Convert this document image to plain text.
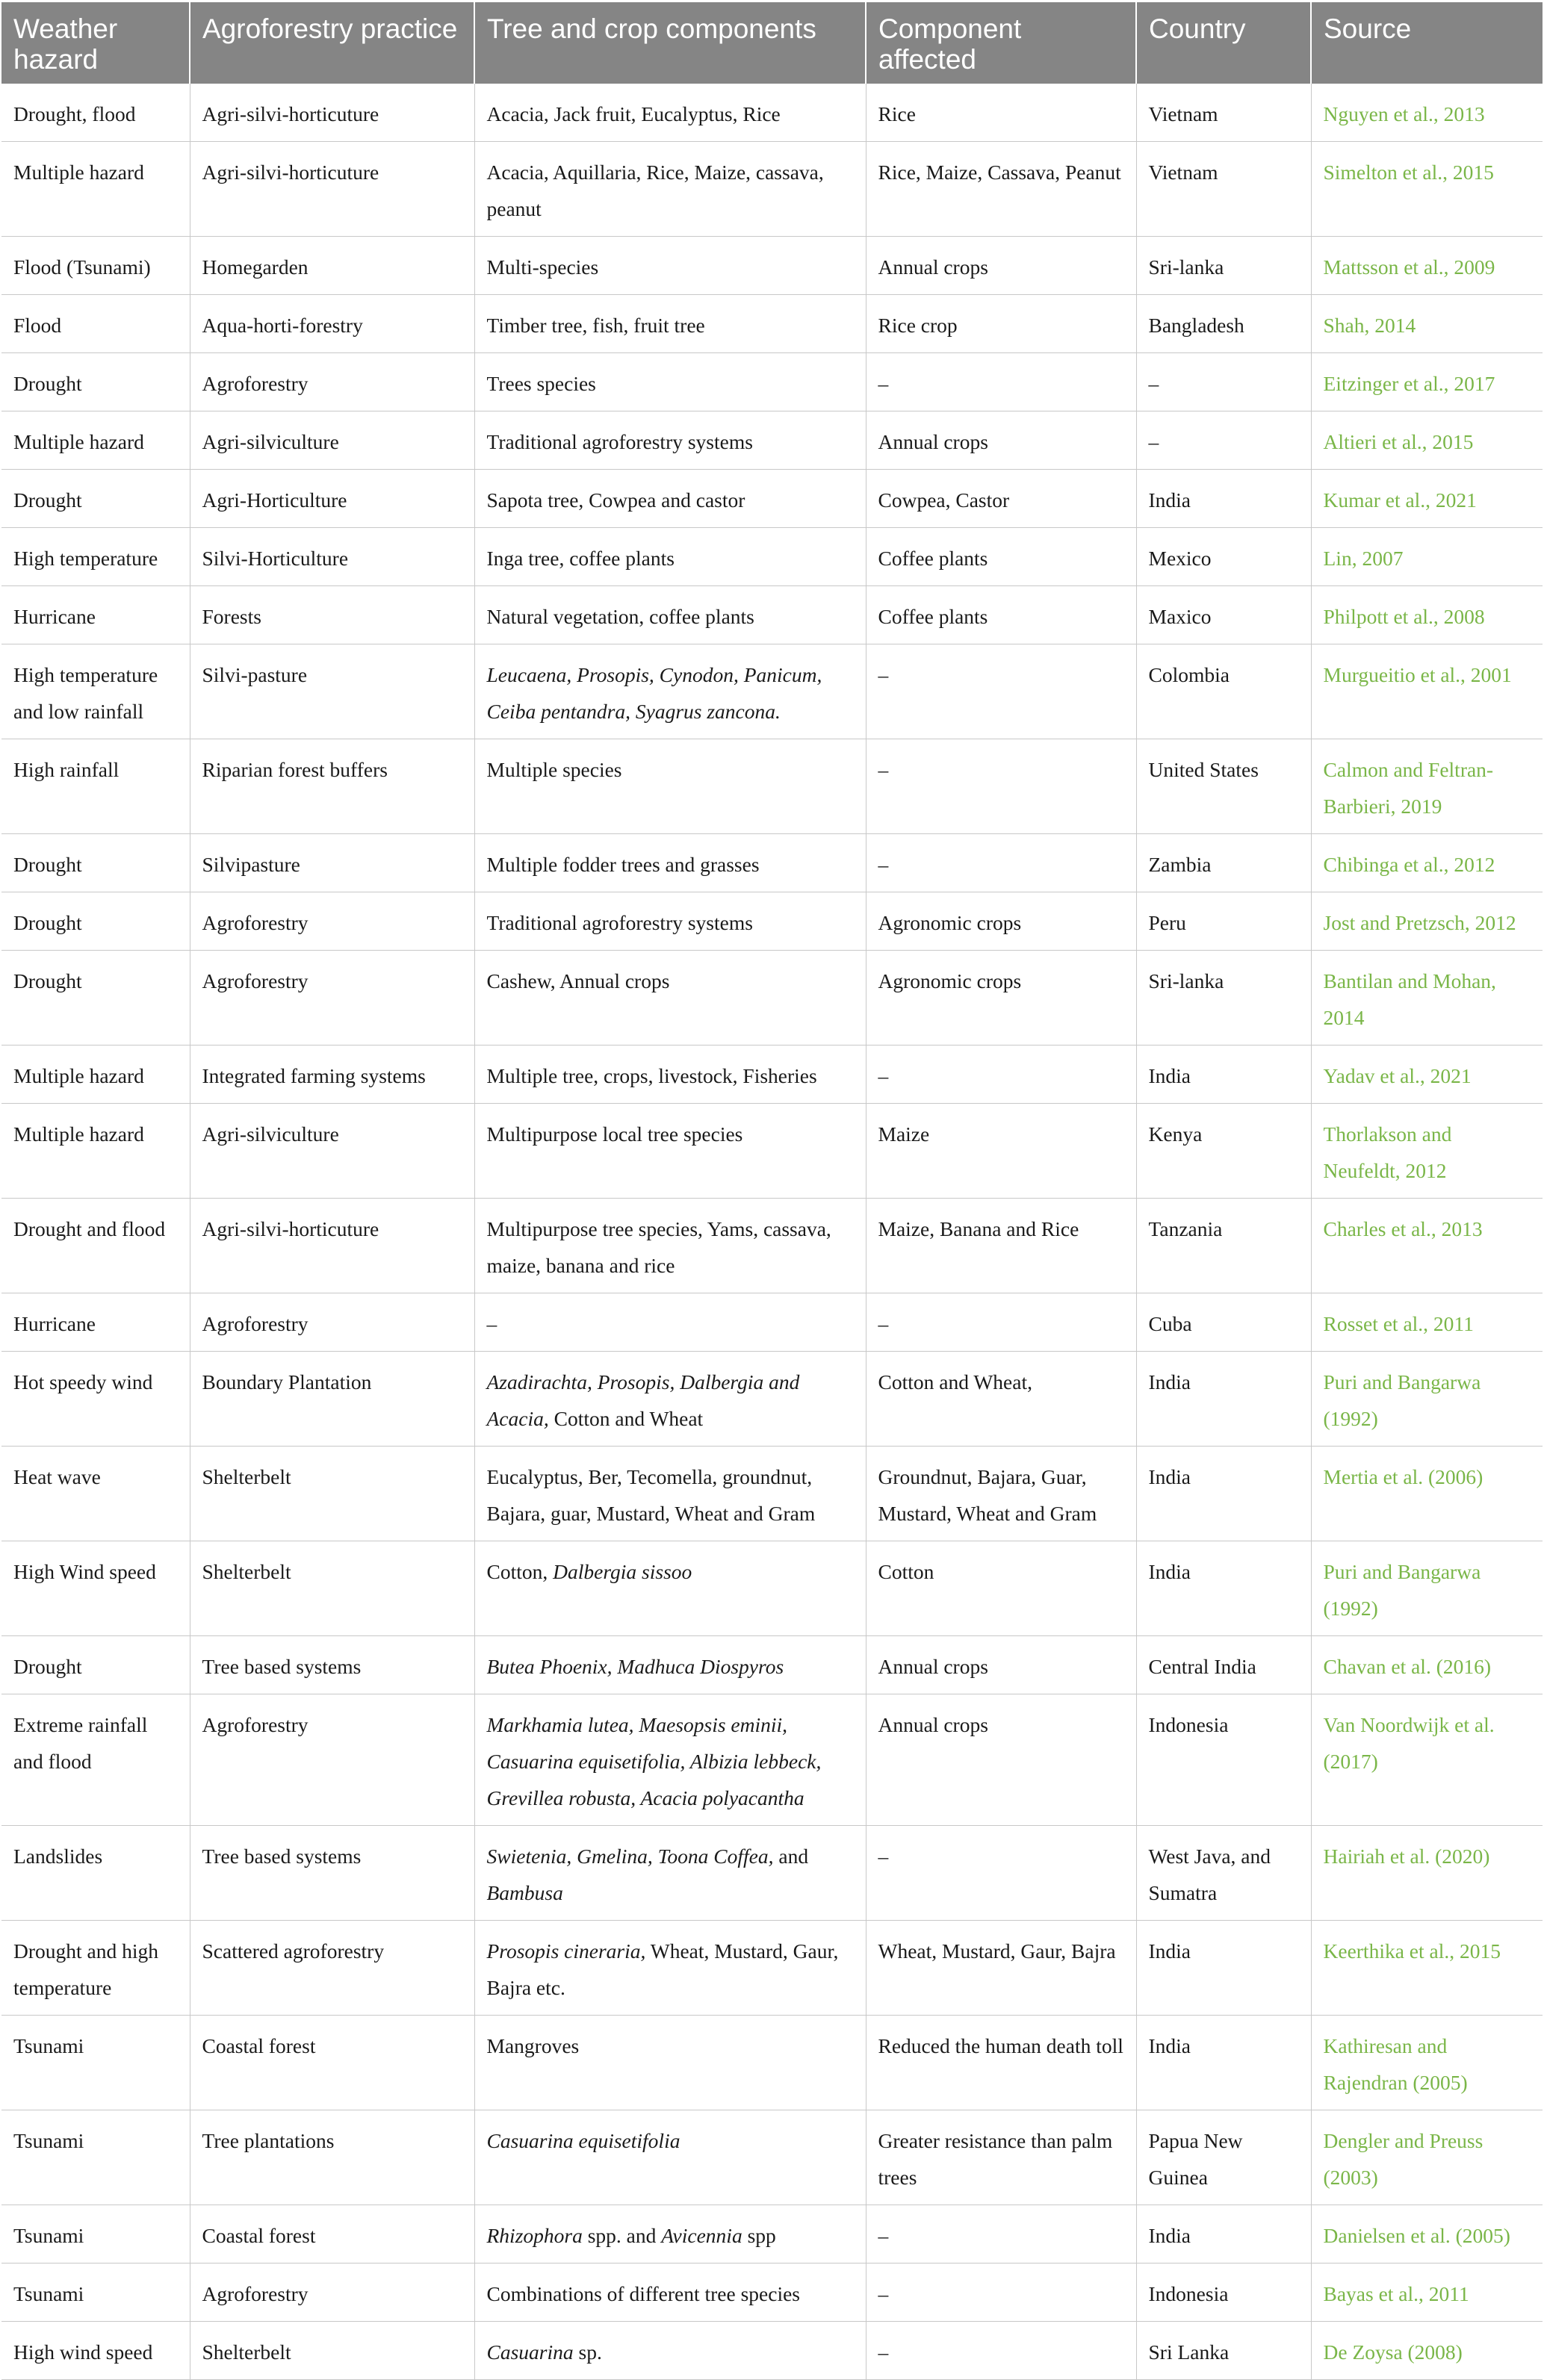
Weather hazard	Agroforestry practice	Tree and crop components	Component affected	Country	Source
Drought, flood	Agri-silvi-horticuture	Acacia, Jack fruit, Eucalyptus, Rice	Rice	Vietnam	Nguyen et al., 2013
Multiple hazard	Agri-silvi-horticuture	Acacia, Aquillaria, Rice, Maize, cassava, peanut	Rice, Maize, Cassava, Peanut	Vietnam	Simelton et al., 2015
Flood (Tsunami)	Homegarden	Multi-species	Annual crops	Sri-lanka	Mattsson et al., 2009
Flood	Aqua-horti-forestry	Timber tree, fish, fruit tree	Rice crop	Bangladesh	Shah, 2014
Drought	Agroforestry	Trees species	–	–	Eitzinger et al., 2017
Multiple hazard	Agri-silviculture	Traditional agroforestry systems	Annual crops	–	Altieri et al., 2015
Drought	Agri-Horticulture	Sapota tree, Cowpea and castor	Cowpea, Castor	India	Kumar et al., 2021
High temperature	Silvi-Horticulture	Inga tree, coffee plants	Coffee plants	Mexico	Lin, 2007
Hurricane	Forests	Natural vegetation, coffee plants	Coffee plants	Maxico	Philpott et al., 2008
High temperature and low rainfall	Silvi-pasture	Leucaena, Prosopis, Cynodon, Panicum, Ceiba pentandra, Syagrus zancona.	–	Colombia	Murgueitio et al., 2001
High rainfall	Riparian forest buffers	Multiple species	–	United States	Calmon and Feltran-Barbieri, 2019
Drought	Silvipasture	Multiple fodder trees and grasses	–	Zambia	Chibinga et al., 2012
Drought	Agroforestry	Traditional agroforestry systems	Agronomic crops	Peru	Jost and Pretzsch, 2012
Drought	Agroforestry	Cashew, Annual crops	Agronomic crops	Sri-lanka	Bantilan and Mohan, 2014
Multiple hazard	Integrated farming systems	Multiple tree, crops, livestock, Fisheries	–	India	Yadav et al., 2021
Multiple hazard	Agri-silviculture	Multipurpose local tree species	Maize	Kenya	Thorlakson and Neufeldt, 2012
Drought and flood	Agri-silvi-horticuture	Multipurpose tree species, Yams, cassava, maize, banana and rice	Maize, Banana and Rice	Tanzania	Charles et al., 2013
Hurricane	Agroforestry	–	–	Cuba	Rosset et al., 2011
Hot speedy wind	Boundary Plantation	Azadirachta, Prosopis, Dalbergia and Acacia, Cotton and Wheat	Cotton and Wheat,	India	Puri and Bangarwa (1992)
Heat wave	Shelterbelt	Eucalyptus, Ber, Tecomella, groundnut, Bajara, guar, Mustard, Wheat and Gram	Groundnut, Bajara, Guar, Mustard, Wheat and Gram	India	Mertia et al. (2006)
High Wind speed	Shelterbelt	Cotton, Dalbergia sissoo	Cotton	India	Puri and Bangarwa (1992)
Drought	Tree based systems	Butea Phoenix, Madhuca Diospyros	Annual crops	Central India	Chavan et al. (2016)
Extreme rainfall and flood	Agroforestry	Markhamia lutea, Maesopsis eminii, Casuarina equisetifolia, Albizia lebbeck, Grevillea robusta, Acacia polyacantha	Annual crops	Indonesia	Van Noordwijk et al. (2017)
Landslides	Tree based systems	Swietenia, Gmelina, Toona Coffea, and Bambusa	–	West Java, and Sumatra	Hairiah et al. (2020)
Drought and high temperature	Scattered agroforestry	Prosopis cineraria, Wheat, Mustard, Gaur, Bajra etc.	Wheat, Mustard, Gaur, Bajra	India	Keerthika et al., 2015
Tsunami	Coastal forest	Mangroves	Reduced the human death toll	India	Kathiresan and Rajendran (2005)
Tsunami	Tree plantations	Casuarina equisetifolia	Greater resistance than palm trees	Papua New Guinea	Dengler and Preuss (2003)
Tsunami	Coastal forest	Rhizophora spp. and Avicennia spp	–	India	Danielsen et al. (2005)
Tsunami	Agroforestry	Combinations of different tree species	–	Indonesia	Bayas et al., 2011
High wind speed	Shelterbelt	Casuarina sp.	–	Sri Lanka	De Zoysa (2008)
